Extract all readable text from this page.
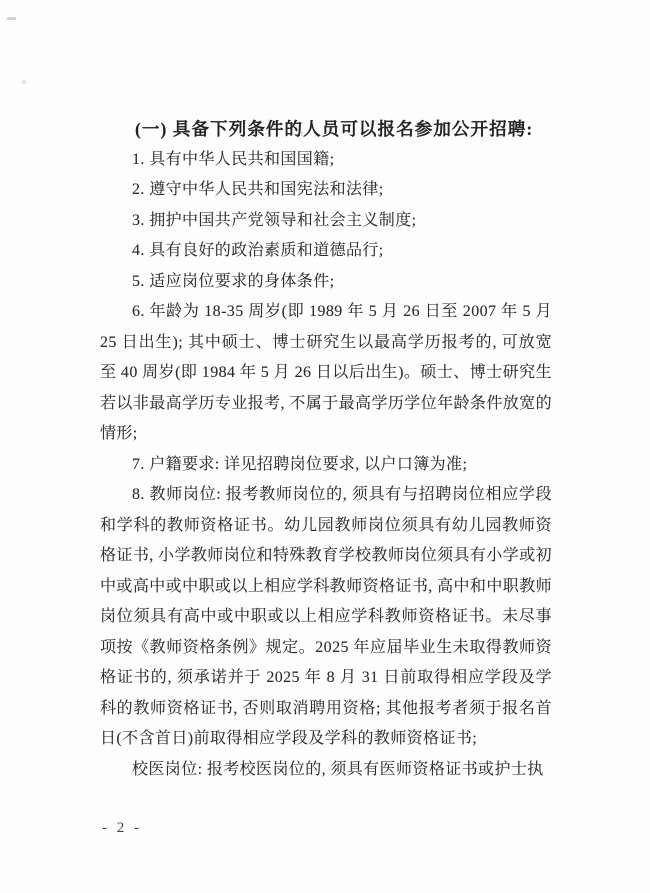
(一) 具备下列条件的人员可以报名参加公开招聘:

1. 具有中华人民共和国国籍;

2. 遵守中华人民共和国宪法和法律;

3. 拥护中国共产党领导和社会主义制度;

4. 具有良好的政治素质和道德品行;

5. 适应岗位要求的身体条件;

6. 年龄为 18-35 周岁(即 1989 年 5 月 26 日至 2007 年 5 月 25 日出生); 其中硕士、博士研究生以最高学历报考的, 可放宽至 40 周岁(即 1984 年 5 月 26 日以后出生)。硕士、博士研究生若以非最高学历专业报考, 不属于最高学历学位年龄条件放宽的情形;

7. 户籍要求: 详见招聘岗位要求, 以户口簿为准;

8. 教师岗位: 报考教师岗位的, 须具有与招聘岗位相应学段和学科的教师资格证书。幼儿园教师岗位须具有幼儿园教师资格证书, 小学教师岗位和特殊教育学校教师岗位须具有小学或初中或高中或中职或以上相应学科教师资格证书, 高中和中职教师岗位须具有高中或中职或以上相应学科教师资格证书。未尽事项按《教师资格条例》规定。2025 年应届毕业生未取得教师资格证书的, 须承诺并于 2025 年 8 月 31 日前取得相应学段及学科的教师资格证书, 否则取消聘用资格; 其他报考者须于报名首日(不含首日)前取得相应学段及学科的教师资格证书;

校医岗位: 报考校医岗位的, 须具有医师资格证书或护士执

- 2 -
